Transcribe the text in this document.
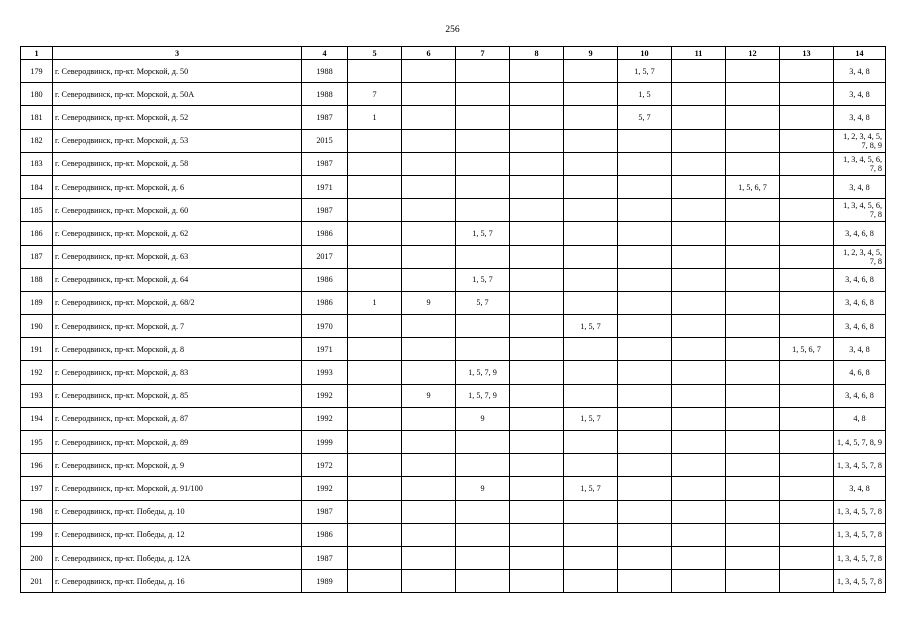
256
1	3	4	5	6	7	8	9	10	11	12	13	14
179	г. Северодвинск, пр-кт. Морской, д. 50	1988						1, 5, 7				3, 4, 8
180	г. Северодвинск, пр-кт. Морской, д. 50А	1988	7					1, 5				3, 4, 8
181	г. Северодвинск, пр-кт. Морской, д. 52	1987	1					5, 7				3, 4, 8
182	г. Северодвинск, пр-кт. Морской, д. 53	2015										1, 2, 3, 4, 5, 7, 8, 9
183	г. Северодвинск, пр-кт. Морской, д. 58	1987										1, 3, 4, 5, 6, 7, 8
184	г. Северодвинск, пр-кт. Морской, д. 6	1971								1, 5, 6, 7		3, 4, 8
185	г. Северодвинск, пр-кт. Морской, д. 60	1987										1, 3, 4, 5, 6, 7, 8
186	г. Северодвинск, пр-кт. Морской, д. 62	1986			1, 5, 7							3, 4, 6, 8
187	г. Северодвинск, пр-кт. Морской, д. 63	2017										1, 2, 3, 4, 5, 7, 8
188	г. Северодвинск, пр-кт. Морской, д. 64	1986			1, 5, 7							3, 4, 6, 8
189	г. Северодвинск, пр-кт. Морской, д. 68/2	1986	1	9	5, 7							3, 4, 6, 8
190	г. Северодвинск, пр-кт. Морской, д. 7	1970					1, 5, 7					3, 4, 6, 8
191	г. Северодвинск, пр-кт. Морской, д. 8	1971									1, 5, 6, 7	3, 4, 8
192	г. Северодвинск, пр-кт. Морской, д. 83	1993			1, 5, 7, 9							4, 6, 8
193	г. Северодвинск, пр-кт. Морской, д. 85	1992		9	1, 5, 7, 9							3, 4, 6, 8
194	г. Северодвинск, пр-кт. Морской, д. 87	1992			9		1, 5, 7					4, 8
195	г. Северодвинск, пр-кт. Морской, д. 89	1999										1, 4, 5, 7, 8, 9
196	г. Северодвинск, пр-кт. Морской, д. 9	1972										1, 3, 4, 5, 7, 8
197	г. Северодвинск, пр-кт. Морской, д. 91/100	1992			9		1, 5, 7					3, 4, 8
198	г. Северодвинск, пр-кт. Победы, д. 10	1987										1, 3, 4, 5, 7, 8
199	г. Северодвинск, пр-кт. Победы, д. 12	1986										1, 3, 4, 5, 7, 8
200	г. Северодвинск, пр-кт. Победы, д. 12А	1987										1, 3, 4, 5, 7, 8
201	г. Северодвинск, пр-кт. Победы, д. 16	1989										1, 3, 4, 5, 7, 8
